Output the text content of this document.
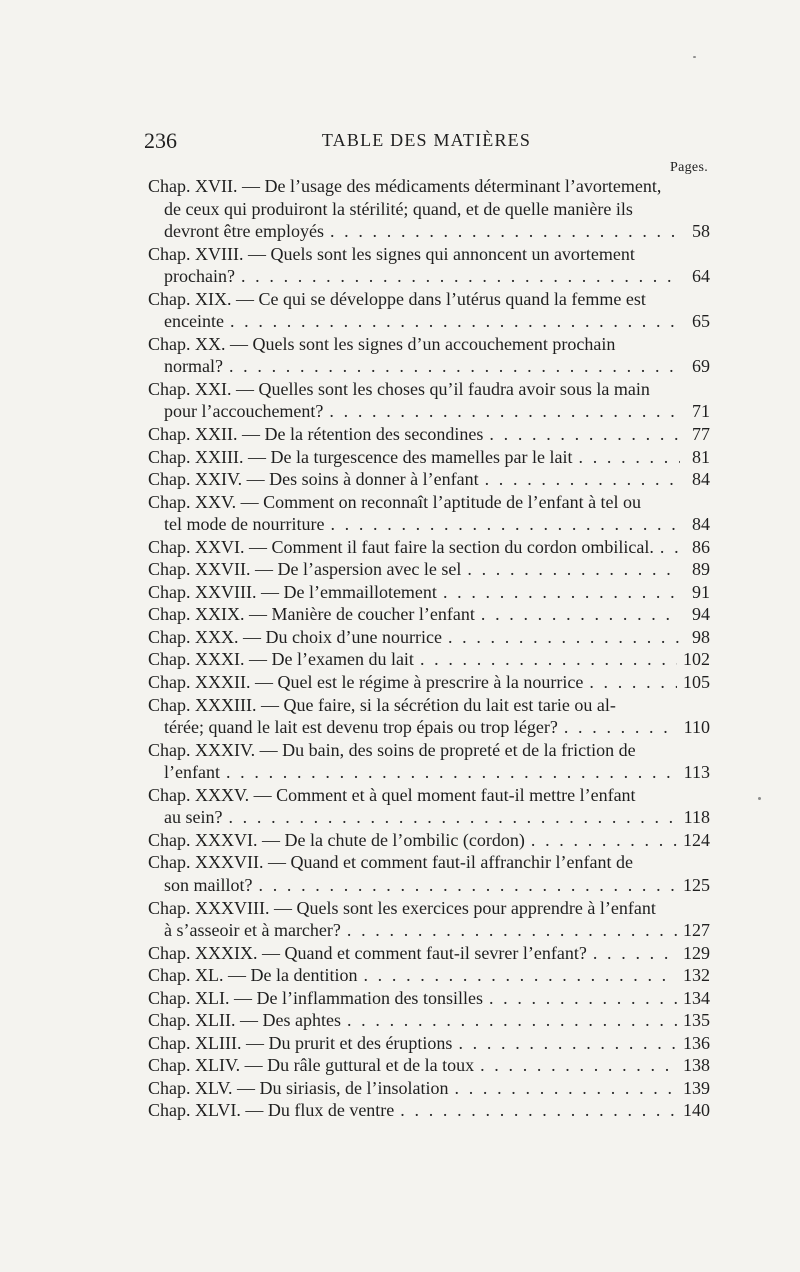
236	TABLE DES MATIÈRES
Pages.
Chap. XVII. — De l’usage des médicaments déterminant l’avortement,
de ceux qui produiront la stérilité; quand, et de quelle manière ils
devront être employés . . .	58
Chap. XVIII. — Quels sont les signes qui annoncent un avortement
prochain? . . .	64
Chap. XIX. — Ce qui se développe dans l’utérus quand la femme est
enceinte . . .	65
Chap. XX. — Quels sont les signes d’un accouchement prochain
normal? . . .	69
Chap. XXI. — Quelles sont les choses qu’il faudra avoir sous la main
pour l’accouchement? . . .	71
Chap. XXII. — De la rétention des secondines . . .	77
Chap. XXIII. — De la turgescence des mamelles par le lait . . .	81
Chap. XXIV. — Des soins à donner à l’enfant . . .	84
Chap. XXV. — Comment on reconnaît l’aptitude de l’enfant à tel ou
tel mode de nourriture . . .	84
Chap. XXVI. — Comment il faut faire la section du cordon ombilical. . . .	86
Chap. XXVII. — De l’aspersion avec le sel . . .	89
Chap. XXVIII. — De l’emmaillotement . . .	91
Chap. XXIX. — Manière de coucher l’enfant . . .	94
Chap. XXX. — Du choix d’une nourrice . . .	98
Chap. XXXI. — De l’examen du lait . . .	102
Chap. XXXII. — Quel est le régime à prescrire à la nourrice . . .	105
Chap. XXXIII. — Que faire, si la sécrétion du lait est tarie ou al-
térée; quand le lait est devenu trop épais ou trop léger? . . .	110
Chap. XXXIV. — Du bain, des soins de propreté et de la friction de
l’enfant . . .	113
Chap. XXXV. — Comment et à quel moment faut-il mettre l’enfant
au sein? . . .	118
Chap. XXXVI. — De la chute de l’ombilic (cordon) . . .	124
Chap. XXXVII. — Quand et comment faut-il affranchir l’enfant de
son maillot? . . .	125
Chap. XXXVIII. — Quels sont les exercices pour apprendre à l’enfant
à s’asseoir et à marcher? . . .	127
Chap. XXXIX. — Quand et comment faut-il sevrer l’enfant? . . .	129
Chap. XL. — De la dentition . . .	132
Chap. XLI. — De l’inflammation des tonsilles . . .	134
Chap. XLII. — Des aphtes . . .	135
Chap. XLIII. — Du prurit et des éruptions . . .	136
Chap. XLIV. — Du râle guttural et de la toux . . .	138
Chap. XLV. — Du siriasis, de l’insolation . . .	139
Chap. XLVI. — Du flux de ventre . . .	140
